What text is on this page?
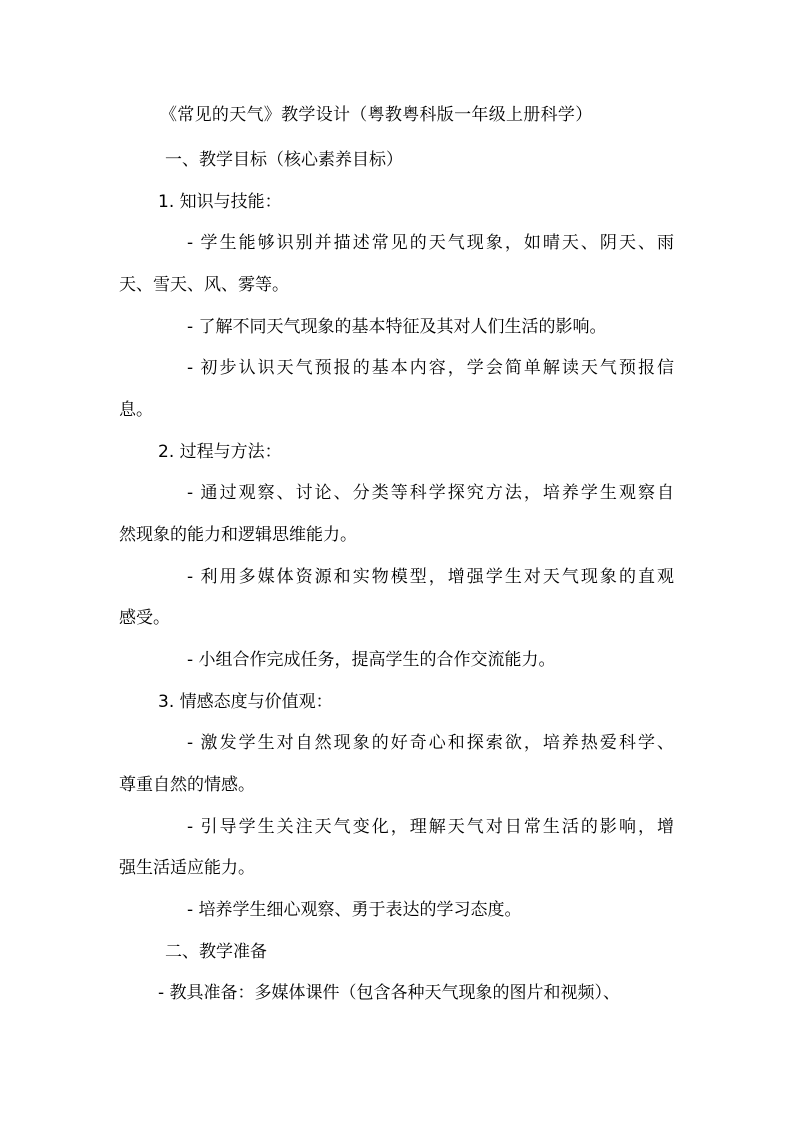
《常见的天气》教学设计（粤教粤科版一年级上册科学）
一、教学目标（核心素养目标）
1. 知识与技能：
- 学生能够识别并描述常见的天气现象，如晴天、阴天、雨
天、雪天、风、雾等。
- 了解不同天气现象的基本特征及其对人们生活的影响。
- 初步认识天气预报的基本内容，学会简单解读天气预报信
息。
2. 过程与方法：
- 通过观察、讨论、分类等科学探究方法，培养学生观察自
然现象的能力和逻辑思维能力。
- 利用多媒体资源和实物模型，增强学生对天气现象的直观
感受。
- 小组合作完成任务，提高学生的合作交流能力。
3. 情感态度与价值观：
- 激发学生对自然现象的好奇心和探索欲，培养热爱科学、
尊重自然的情感。
- 引导学生关注天气变化，理解天气对日常生活的影响，增
强生活适应能力。
- 培养学生细心观察、勇于表达的学习态度。
二、教学准备
- 教具准备：多媒体课件（包含各种天气现象的图片和视频）、
